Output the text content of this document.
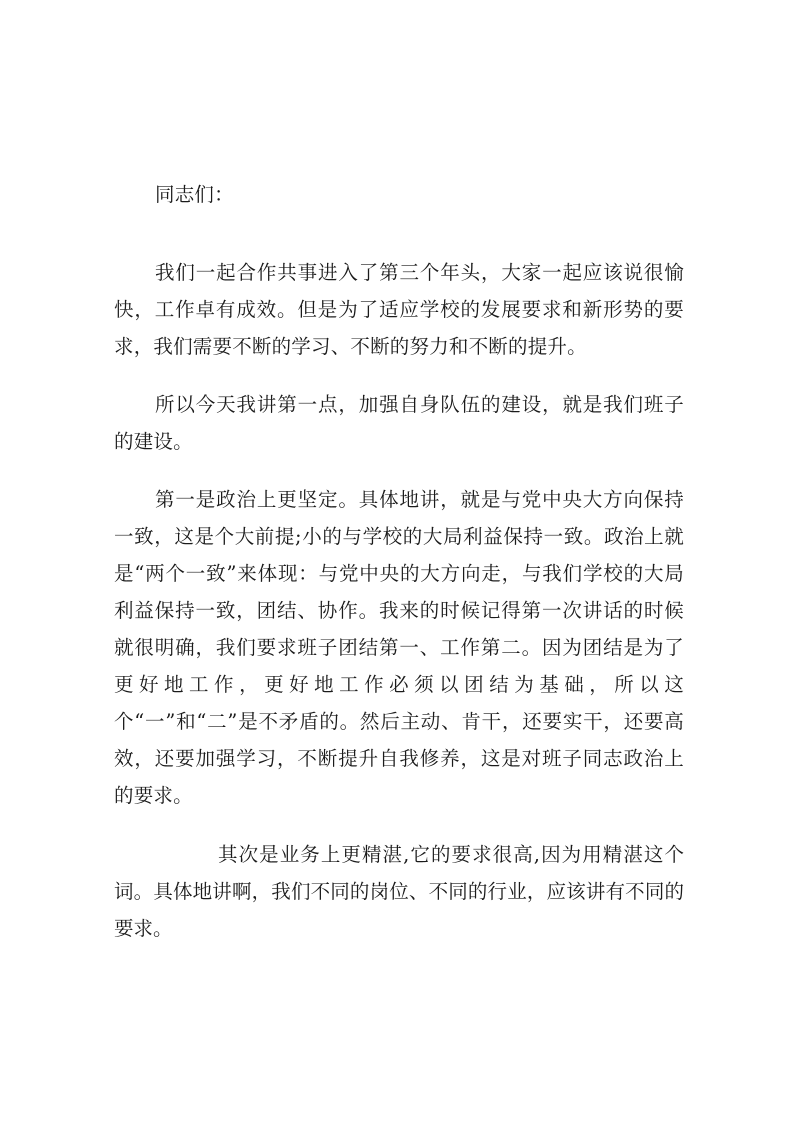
同志们：

我们一起合作共事进入了第三个年头，大家一起应该说很愉快，工作卓有成效。但是为了适应学校的发展要求和新形势的要求，我们需要不断的学习、不断的努力和不断的提升。

所以今天我讲第一点，加强自身队伍的建设，就是我们班子的建设。

第一是政治上更坚定。具体地讲，就是与党中央大方向保持一致，这是个大前提;小的与学校的大局利益保持一致。政治上就是“两个一致”来体现：与党中央的大方向走，与我们学校的大局利益保持一致，团结、协作。我来的时候记得第一次讲话的时候就很明确，我们要求班子团结第一、工作第二。因为团结是为了更好地工作，更好地工作必须以团结为基础，所以这个“一”和“二”是不矛盾的。然后主动、肯干，还要实干，还要高效，还要加强学习，不断提升自我修养，这是对班子同志政治上的要求。

其次是业务上更精湛,它的要求很高,因为用精湛这个词。具体地讲啊，我们不同的岗位、不同的行业，应该讲有不同的要求。
